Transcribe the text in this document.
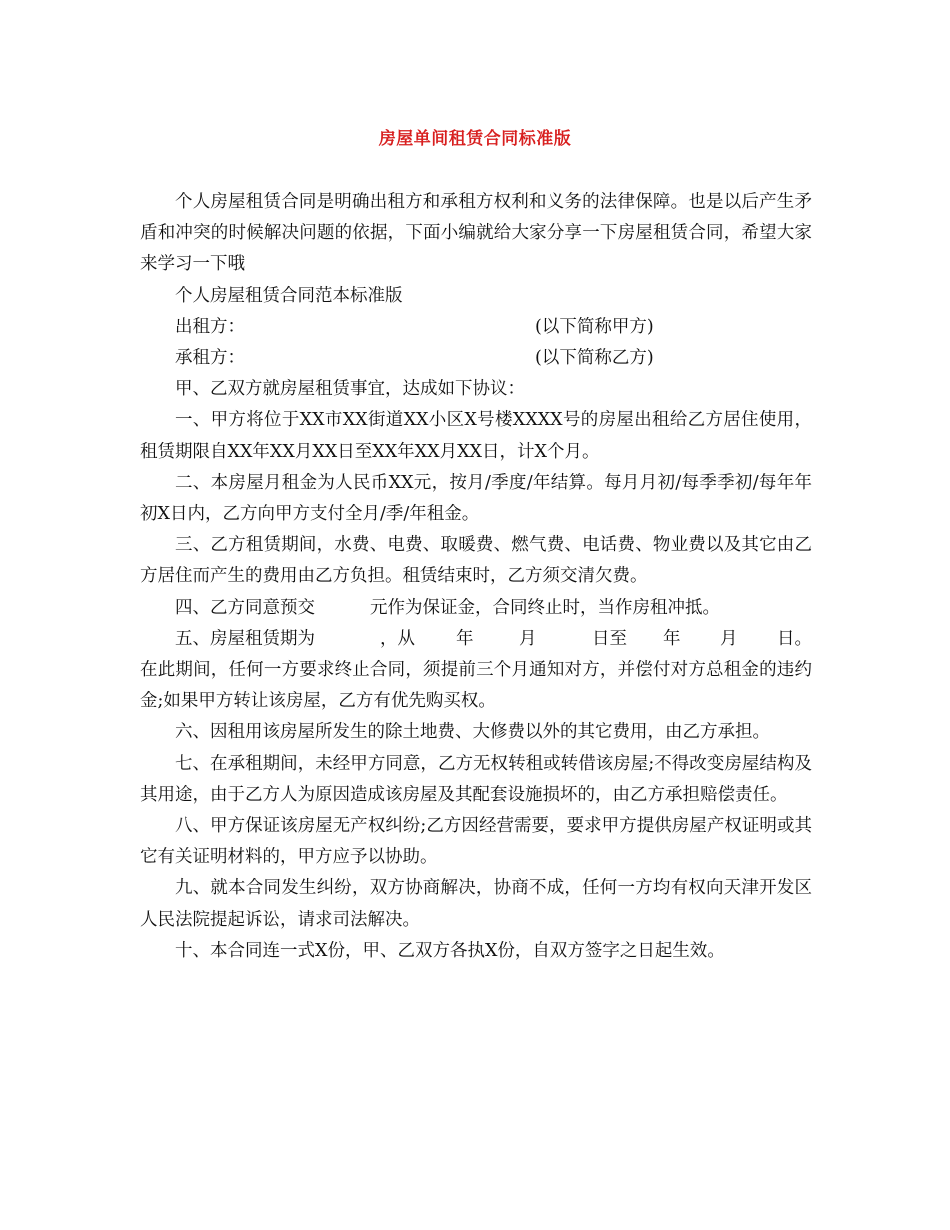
房屋单间租赁合同标准版

个人房屋租赁合同是明确出租方和承租方权利和义务的法律保障。也是以后产生矛盾和冲突的时候解决问题的依据，下面小编就给大家分享一下房屋租赁合同，希望大家来学习一下哦

个人房屋租赁合同范本标准版

出租方：	(以下简称甲方)
承租方：	(以下简称乙方)

甲、乙双方就房屋租赁事宜，达成如下协议：

一、甲方将位于XX市XX街道XX小区X号楼XXXX号的房屋出租给乙方居住使用，租赁期限自XX年XX月XX日至XX年XX月XX日，计X个月。

二、本房屋月租金为人民币XX元，按月/季度/年结算。每月月初/每季季初/每年年初X日内，乙方向甲方支付全月/季/年租金。

三、乙方租赁期间，水费、电费、取暖费、燃气费、电话费、物业费以及其它由乙方居住而产生的费用由乙方负担。租赁结束时，乙方须交清欠费。

四、乙方同意预交	元作为保证金，合同终止时，当作房租冲抵。

五、房屋租赁期为	，从 年	月	日至 年 月 日。

在此期间，任何一方要求终止合同，须提前三个月通知对方，并偿付对方总租金的违约金;如果甲方转让该房屋，乙方有优先购买权。

六、因租用该房屋所发生的除土地费、大修费以外的其它费用，由乙方承担。

七、在承租期间，未经甲方同意，乙方无权转租或转借该房屋;不得改变房屋结构及其用途，由于乙方人为原因造成该房屋及其配套设施损坏的，由乙方承担赔偿责任。

八、甲方保证该房屋无产权纠纷;乙方因经营需要，要求甲方提供房屋产权证明或其它有关证明材料的，甲方应予以协助。

九、就本合同发生纠纷，双方协商解决，协商不成，任何一方均有权向天津开发区人民法院提起诉讼，请求司法解决。

十、本合同连一式X份，甲、乙双方各执X份，自双方签字之日起生效。
